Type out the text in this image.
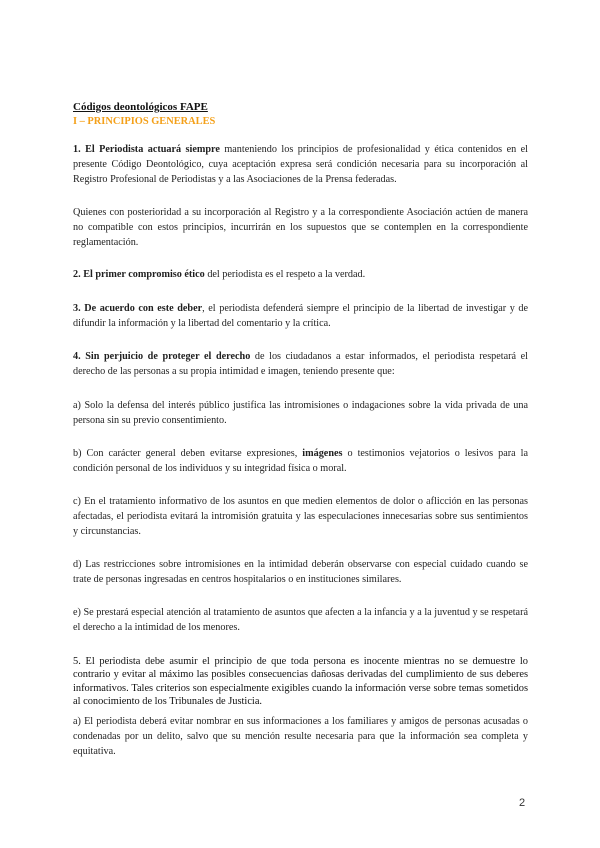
Códigos deontológicos FAPE

I – PRINCIPIOS GENERALES

1. El Periodista actuará siempre manteniendo los principios de profesionalidad y ética contenidos en el presente Código Deontológico, cuya aceptación expresa será condición necesaria para su incorporación al Registro Profesional de Periodistas y a las Asociaciones de la Prensa federadas.

Quienes con posterioridad a su incorporación al Registro y a la correspondiente Asociación actúen de manera no compatible con estos principios, incurrirán en los supuestos que se contemplen en la correspondiente reglamentación.

2. El primer compromiso ético del periodista es el respeto a la verdad.

3. De acuerdo con este deber, el periodista defenderá siempre el principio de la libertad de investigar y de difundir la información y la libertad del comentario y la crítica.

4. Sin perjuicio de proteger el derecho de los ciudadanos a estar informados, el periodista respetará el derecho de las personas a su propia intimidad e imagen, teniendo presente que:

a) Solo la defensa del interés público justifica las intromisiones o indagaciones sobre la vida privada de una persona sin su previo consentimiento.

b) Con carácter general deben evitarse expresiones, imágenes o testimonios vejatorios o lesivos para la condición personal de los individuos y su integridad física o moral.

c) En el tratamiento informativo de los asuntos en que medien elementos de dolor o aflicción en las personas afectadas, el periodista evitará la intromisión gratuita y las especulaciones innecesarias sobre sus sentimientos y circunstancias.

d) Las restricciones sobre intromisiones en la intimidad deberán observarse con especial cuidado cuando se trate de personas ingresadas en centros hospitalarios o en instituciones similares.

e) Se prestará especial atención al tratamiento de asuntos que afecten a la infancia y a la juventud y se respetará el derecho a la intimidad de los menores.

5. El periodista debe asumir el principio de que toda persona es inocente mientras no se demuestre lo contrario y evitar al máximo las posibles consecuencias dañosas derivadas del cumplimiento de sus deberes informativos. Tales criterios son especialmente exigibles cuando la información verse sobre temas sometidos al conocimiento de los Tribunales de Justicia.

a) El periodista deberá evitar nombrar en sus informaciones a los familiares y amigos de personas acusadas o condenadas por un delito, salvo que su mención resulte necesaria para que la información sea completa y equitativa.

2
